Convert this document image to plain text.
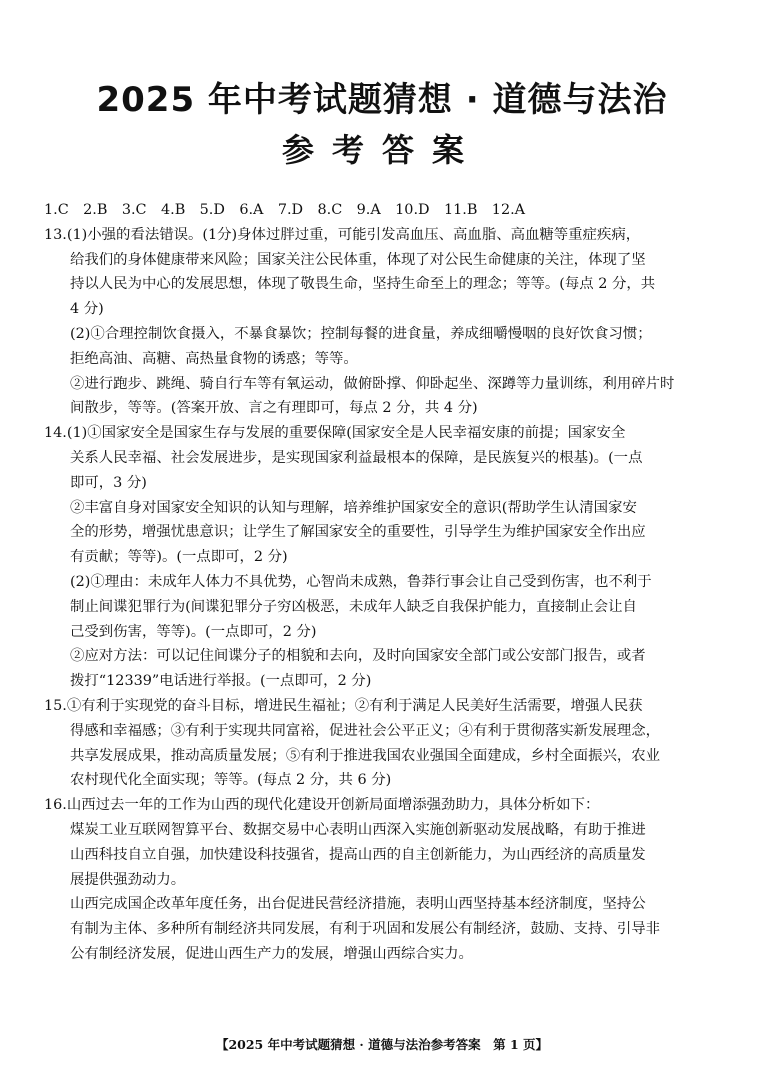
2025 年中考试题猜想 · 道德与法治
参考答案
1.C　2.B　3.C　4.B　5.D　6.A　7.D　8.C　9.A　10.D　11.B　12.A
13.(1)小强的看法错误。(1分)身体过胖过重，可能引发高血压、高血脂、高血糖等重症疾病，
给我们的身体健康带来风险；国家关注公民体重，体现了对公民生命健康的关注，体现了坚
持以人民为中心的发展思想，体现了敬畏生命，坚持生命至上的理念；等等。(每点 2 分，共
4 分)
(2)①合理控制饮食摄入，不暴食暴饮；控制每餐的进食量，养成细嚼慢咽的良好饮食习惯；
拒绝高油、高糖、高热量食物的诱惑；等等。
②进行跑步、跳绳、骑自行车等有氧运动，做俯卧撑、仰卧起坐、深蹲等力量训练，利用碎片时
间散步，等等。(答案开放、言之有理即可，每点 2 分，共 4 分)
14.(1)①国家安全是国家生存与发展的重要保障(国家安全是人民幸福安康的前提；国家安全
关系人民幸福、社会发展进步，是实现国家利益最根本的保障，是民族复兴的根基)。(一点
即可，3 分)
②丰富自身对国家安全知识的认知与理解，培养维护国家安全的意识(帮助学生认清国家安
全的形势，增强忧患意识；让学生了解国家安全的重要性，引导学生为维护国家安全作出应
有贡献；等等)。(一点即可，2 分)
(2)①理由：未成年人体力不具优势，心智尚未成熟，鲁莽行事会让自己受到伤害，也不利于
制止间谍犯罪行为(间谍犯罪分子穷凶极恶，未成年人缺乏自我保护能力，直接制止会让自
己受到伤害，等等)。(一点即可，2 分)
②应对方法：可以记住间谍分子的相貌和去向，及时向国家安全部门或公安部门报告，或者
拨打“12339”电话进行举报。(一点即可，2 分)
15.①有利于实现党的奋斗目标，增进民生福祉；②有利于满足人民美好生活需要，增强人民获
得感和幸福感；③有利于实现共同富裕，促进社会公平正义；④有利于贯彻落实新发展理念，
共享发展成果，推动高质量发展；⑤有利于推进我国农业强国全面建成，乡村全面振兴，农业
农村现代化全面实现；等等。(每点 2 分，共 6 分)
16.山西过去一年的工作为山西的现代化建设开创新局面增添强劲助力，具体分析如下：
煤炭工业互联网智算平台、数据交易中心表明山西深入实施创新驱动发展战略，有助于推进
山西科技自立自强，加快建设科技强省，提高山西的自主创新能力，为山西经济的高质量发
展提供强劲动力。
山西完成国企改革年度任务，出台促进民营经济措施，表明山西坚持基本经济制度，坚持公
有制为主体、多种所有制经济共同发展，有利于巩固和发展公有制经济，鼓励、支持、引导非
公有制经济发展，促进山西生产力的发展，增强山西综合实力。
【2025 年中考试题猜想 · 道德与法治参考答案　第 1 页】
